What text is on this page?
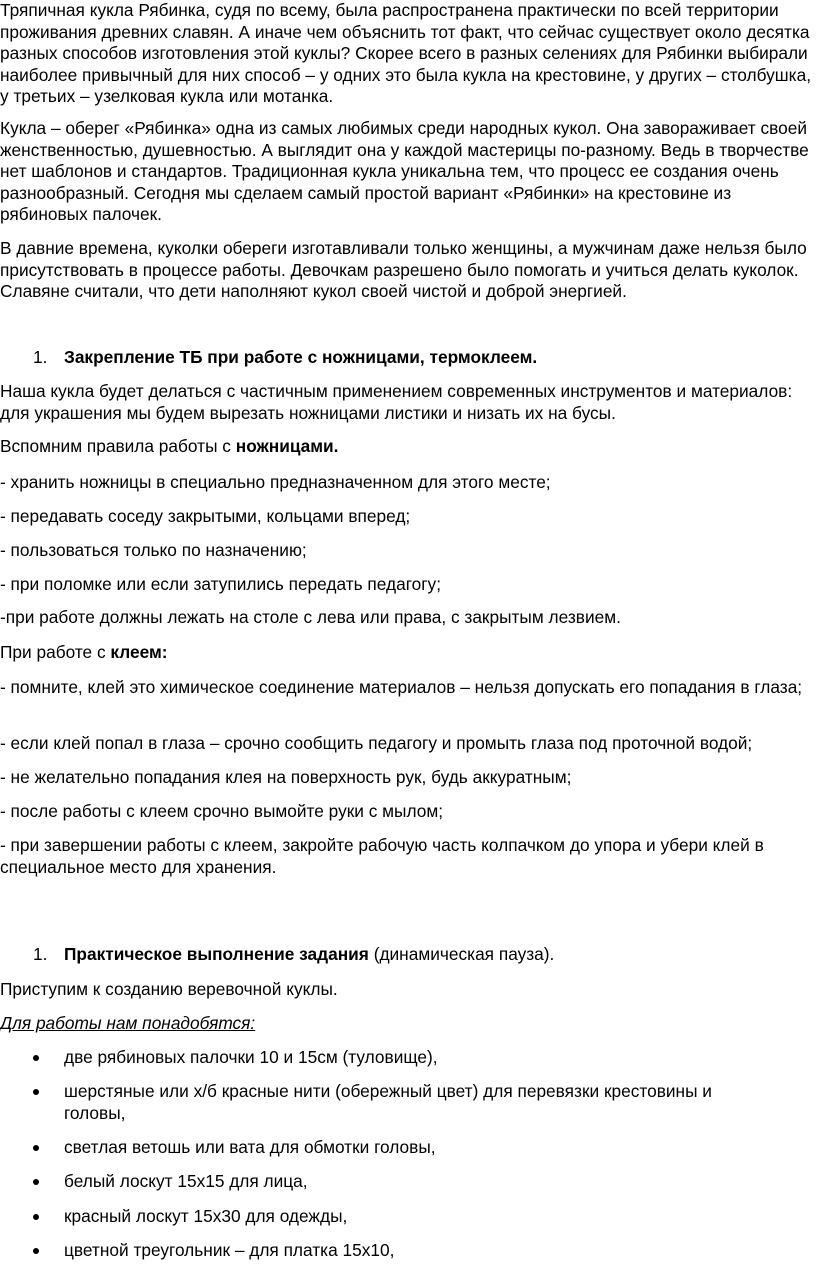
Тряпичная кукла Рябинка, судя по всему, была распространена практически по всей территории проживания древних славян. А иначе чем объяснить тот факт, что сейчас существует около десятка разных способов изготовления этой куклы? Скорее всего в разных селениях для Рябинки выбирали наиболее привычный для них способ – у одних это была кукла на крестовине, у других – столбушка, у третьих – узелковая кукла или мотанка.

Кукла – оберег «Рябинка» одна из самых любимых среди народных кукол. Она завораживает своей женственностью, душевностью. А выглядит она у каждой мастерицы по-разному. Ведь в творчестве нет шаблонов и стандартов. Традиционная кукла уникальна тем, что процесс ее создания очень разнообразный. Сегодня мы сделаем самый простой вариант «Рябинки» на крестовине из рябиновых палочек.

В давние времена, куколки обереги изготавливали только женщины, а мужчинам даже нельзя было присутствовать в процессе работы. Девочкам разрешено было помогать и учиться делать куколок. Славяне считали, что дети наполняют кукол своей чистой и доброй энергией.

1. Закрепление ТБ при работе с ножницами, термоклеем.

Наша кукла будет делаться с частичным применением современных инструментов и материалов: для украшения мы будем вырезать ножницами листики и низать их на бусы.

Вспомним правила работы с ножницами.

- хранить ножницы в специально предназначенном для этого месте;

- передавать соседу закрытыми, кольцами вперед;

- пользоваться только по назначению;

- при поломке или если затупились передать педагогу;

-при работе должны лежать на столе с лева или права, с закрытым лезвием.

При работе с клеем:

- помните, клей это химическое соединение материалов – нельзя допускать его попадания в глаза;

- если клей попал в глаза – срочно сообщить педагогу и промыть глаза под проточной водой;

- не желательно попадания клея на поверхность рук, будь аккуратным;

- после работы с клеем срочно вымойте руки с мылом;

- при завершении работы с клеем, закройте рабочую часть колпачком до упора и убери клей в специальное место для хранения.

1. Практическое выполнение задания (динамическая пауза).

Приступим к созданию веревочной куклы.

Для работы нам понадобятся:

две рябиновых палочки 10 и 15см (туловище),
шерстяные или х/б красные нити (обережный цвет) для перевязки крестовины и головы,
светлая ветошь или вата для обмотки головы,
белый лоскут 15х15 для лица,
красный лоскут 15х30 для одежды,
цветной треугольник – для платка 15х10,
